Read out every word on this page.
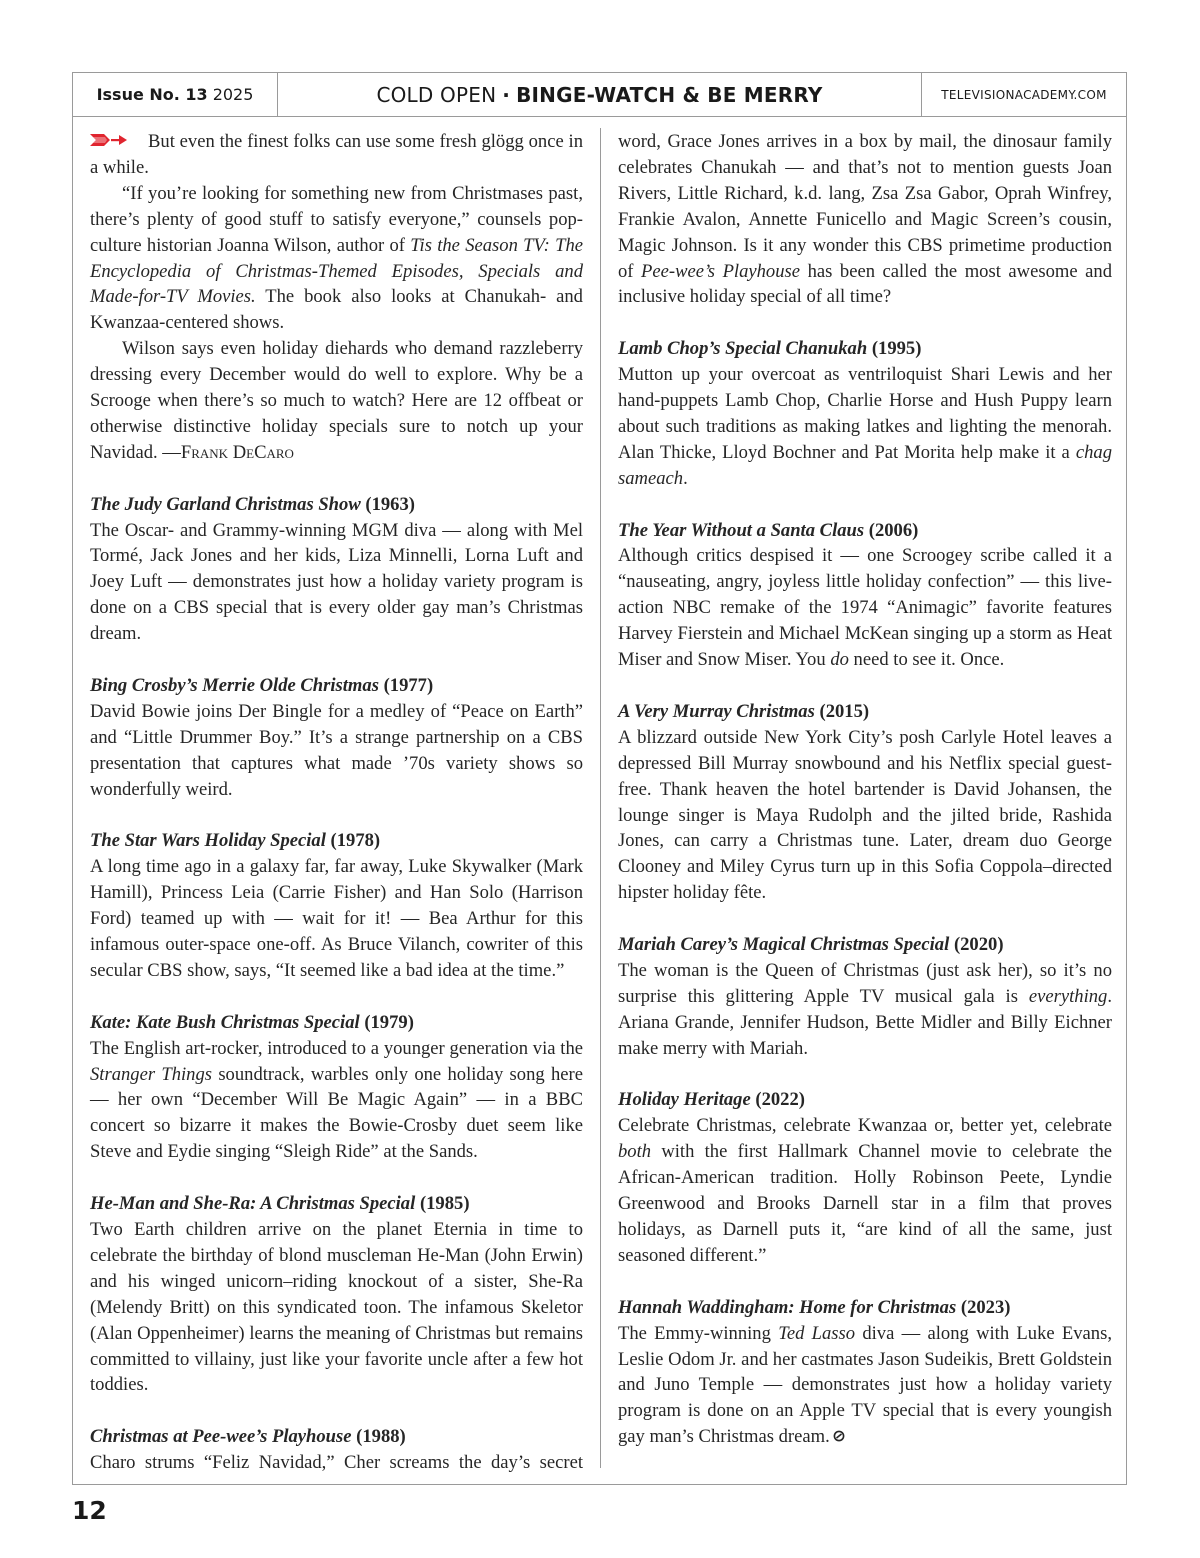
Issue No. 13 2025	COLD OPEN · BINGE-WATCH & BE MERRY	TELEVISIONACADEMY.COM

But even the finest folks can use some fresh glögg once in a while.

“If you’re looking for something new from Christmases past, there’s plenty of good stuff to satisfy everyone,” counsels pop-culture historian Joanna Wilson, author of Tis the Season TV: The Encyclopedia of Christmas-Themed Episodes, Specials and Made-for-TV Movies. The book also looks at Chanukah- and Kwanzaa-centered shows.

Wilson says even holiday diehards who demand razzleberry dressing every December would do well to explore. Why be a Scrooge when there’s so much to watch? Here are 12 offbeat or otherwise distinctive holiday specials sure to notch up your Navidad. —Frank DeCaro

The Judy Garland Christmas Show (1963)

The Oscar- and Grammy-winning MGM diva — along with Mel Tormé, Jack Jones and her kids, Liza Minnelli, Lorna Luft and Joey Luft — demonstrates just how a holiday variety program is done on a CBS special that is every older gay man’s Christmas dream.

Bing Crosby’s Merrie Olde Christmas (1977)

David Bowie joins Der Bingle for a medley of “Peace on Earth” and “Little Drummer Boy.” It’s a strange partnership on a CBS presentation that captures what made ’70s variety shows so wonderfully weird.

The Star Wars Holiday Special (1978)

A long time ago in a galaxy far, far away, Luke Skywalker (Mark Hamill), Princess Leia (Carrie Fisher) and Han Solo (Harrison Ford) teamed up with — wait for it! — Bea Arthur for this infamous outer-space one-off. As Bruce Vilanch, cowriter of this secular CBS show, says, “It seemed like a bad idea at the time.”

Kate: Kate Bush Christmas Special (1979)

The English art-rocker, introduced to a younger generation via the Stranger Things soundtrack, warbles only one holiday song here — her own “December Will Be Magic Again” — in a BBC concert so bizarre it makes the Bowie-Crosby duet seem like Steve and Eydie singing “Sleigh Ride” at the Sands.

He-Man and She-Ra: A Christmas Special (1985)

Two Earth children arrive on the planet Eternia in time to celebrate the birthday of blond muscleman He-Man (John Erwin) and his winged unicorn–riding knockout of a sister, She-Ra (Melendy Britt) on this syndicated toon. The infamous Skeletor (Alan Oppenheimer) learns the meaning of Christmas but remains committed to villainy, just like your favorite uncle after a few hot toddies.

Christmas at Pee-wee’s Playhouse (1988)

Charo strums “Feliz Navidad,” Cher screams the day’s secret

word, Grace Jones arrives in a box by mail, the dinosaur family celebrates Chanukah — and that’s not to mention guests Joan Rivers, Little Richard, k.d. lang, Zsa Zsa Gabor, Oprah Winfrey, Frankie Avalon, Annette Funicello and Magic Screen’s cousin, Magic Johnson. Is it any wonder this CBS primetime production of Pee-wee’s Playhouse has been called the most awesome and inclusive holiday special of all time?

Lamb Chop’s Special Chanukah (1995)

Mutton up your overcoat as ventriloquist Shari Lewis and her hand-puppets Lamb Chop, Charlie Horse and Hush Puppy learn about such traditions as making latkes and lighting the menorah. Alan Thicke, Lloyd Bochner and Pat Morita help make it a chag sameach.

The Year Without a Santa Claus (2006)

Although critics despised it — one Scroogey scribe called it a “nauseating, angry, joyless little holiday confection” — this live-action NBC remake of the 1974 “Animagic” favorite features Harvey Fierstein and Michael McKean singing up a storm as Heat Miser and Snow Miser. You do need to see it. Once.

A Very Murray Christmas (2015)

A blizzard outside New York City’s posh Carlyle Hotel leaves a depressed Bill Murray snowbound and his Netflix special guest-free. Thank heaven the hotel bartender is David Johansen, the lounge singer is Maya Rudolph and the jilted bride, Rashida Jones, can carry a Christmas tune. Later, dream duo George Clooney and Miley Cyrus turn up in this Sofia Coppola–directed hipster holiday fête.

Mariah Carey’s Magical Christmas Special (2020)

The woman is the Queen of Christmas (just ask her), so it’s no surprise this glittering Apple TV musical gala is everything. Ariana Grande, Jennifer Hudson, Bette Midler and Billy Eichner make merry with Mariah.

Holiday Heritage (2022)

Celebrate Christmas, celebrate Kwanzaa or, better yet, celebrate both with the first Hallmark Channel movie to celebrate the African-American tradition. Holly Robinson Peete, Lyndie Greenwood and Brooks Darnell star in a film that proves holidays, as Darnell puts it, “are kind of all the same, just seasoned different.”

Hannah Waddingham: Home for Christmas (2023)

The Emmy-winning Ted Lasso diva — along with Luke Evans, Leslie Odom Jr. and her castmates Jason Sudeikis, Brett Goldstein and Juno Temple — demonstrates just how a holiday variety program is done on an Apple TV special that is every youngish gay man’s Christmas dream.

12
